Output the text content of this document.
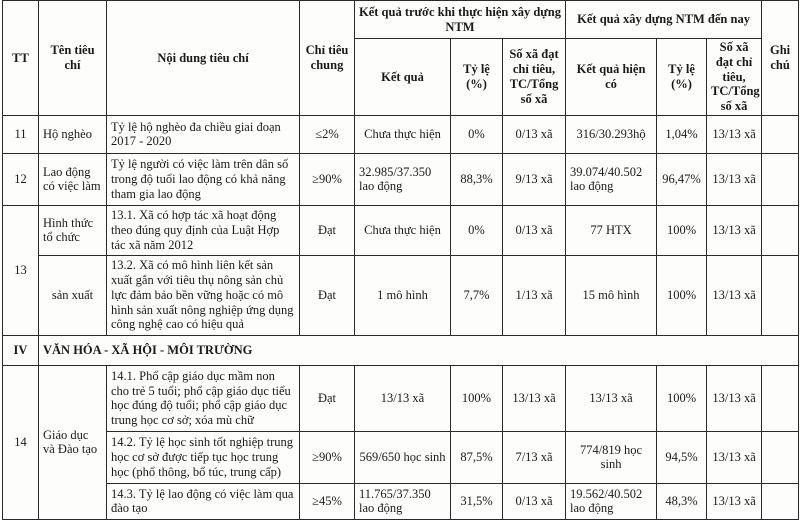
TT	Tên tiêu chí	Nội dung tiêu chí	Chỉ tiêu chung	Kết quả trước khi thực hiện xây dựng NTM			Kết quả xây dựng NTM đến nay			Ghi chú
				Kết quả	Tỷ lệ (%)	Số xã đạt chỉ tiêu, TC/Tổng số xã	Kết quả hiện có	Tỷ lệ (%)	Số xã đạt chỉ tiêu, TC/Tổng số xã	
11	Hộ nghèo	Tỷ lệ hộ nghèo đa chiều giai đoạn 2017 - 2020	≤2%	Chưa thực hiện	0%	0/13 xã	316/30.293hộ	1,04%	13/13 xã	
12	Lao động có việc làm	Tỷ lệ người có việc làm trên dân số trong độ tuổi lao động có khả năng tham gia lao động	≥90%	32.985/37.350 lao động	88,3%	9/13 xã	39.074/40.502 lao động	96,47%	13/13 xã	
13	Hình thức tổ chức	13.1. Xã có hợp tác xã hoạt động theo đúng quy định của Luật Hợp tác xã năm 2012	Đạt	Chưa thực hiện	0%	0/13 xã	77 HTX	100%	13/13 xã	
	sản xuất	13.2. Xã có mô hình liên kết sản xuất gắn với tiêu thụ nông sản chủ lực đảm bảo bền vững hoặc có mô hình sản xuất nông nghiệp ứng dụng công nghệ cao có hiệu quả	Đạt	1 mô hình	7,7%	1/13 xã	15 mô hình	100%	13/13 xã	
IV	VĂN HÓA - XÃ HỘI - MÔI TRƯỜNG									
14	Giáo dục và Đào tạo	14.1. Phổ cập giáo dục mầm non cho trẻ 5 tuổi; phổ cập giáo dục tiểu học đúng độ tuổi; phổ cập giáo dục trung học cơ sở; xóa mù chữ	Đạt	13/13 xã	100%	13/13 xã	13/13 xã	100%	13/13 xã	
		14.2. Tỷ lệ học sinh tốt nghiệp trung học cơ sở được tiếp tục học trung học (phổ thông, bổ túc, trung cấp)	≥90%	569/650 học sinh	87,5%	7/13 xã	774/819 học sinh	94,5%	13/13 xã	
		14.3. Tỷ lệ lao động có việc làm qua đào tạo	≥45%	11.765/37.350 lao động	31,5%	0/13 xã	19.562/40.502 lao động	48,3%	13/13 xã	
